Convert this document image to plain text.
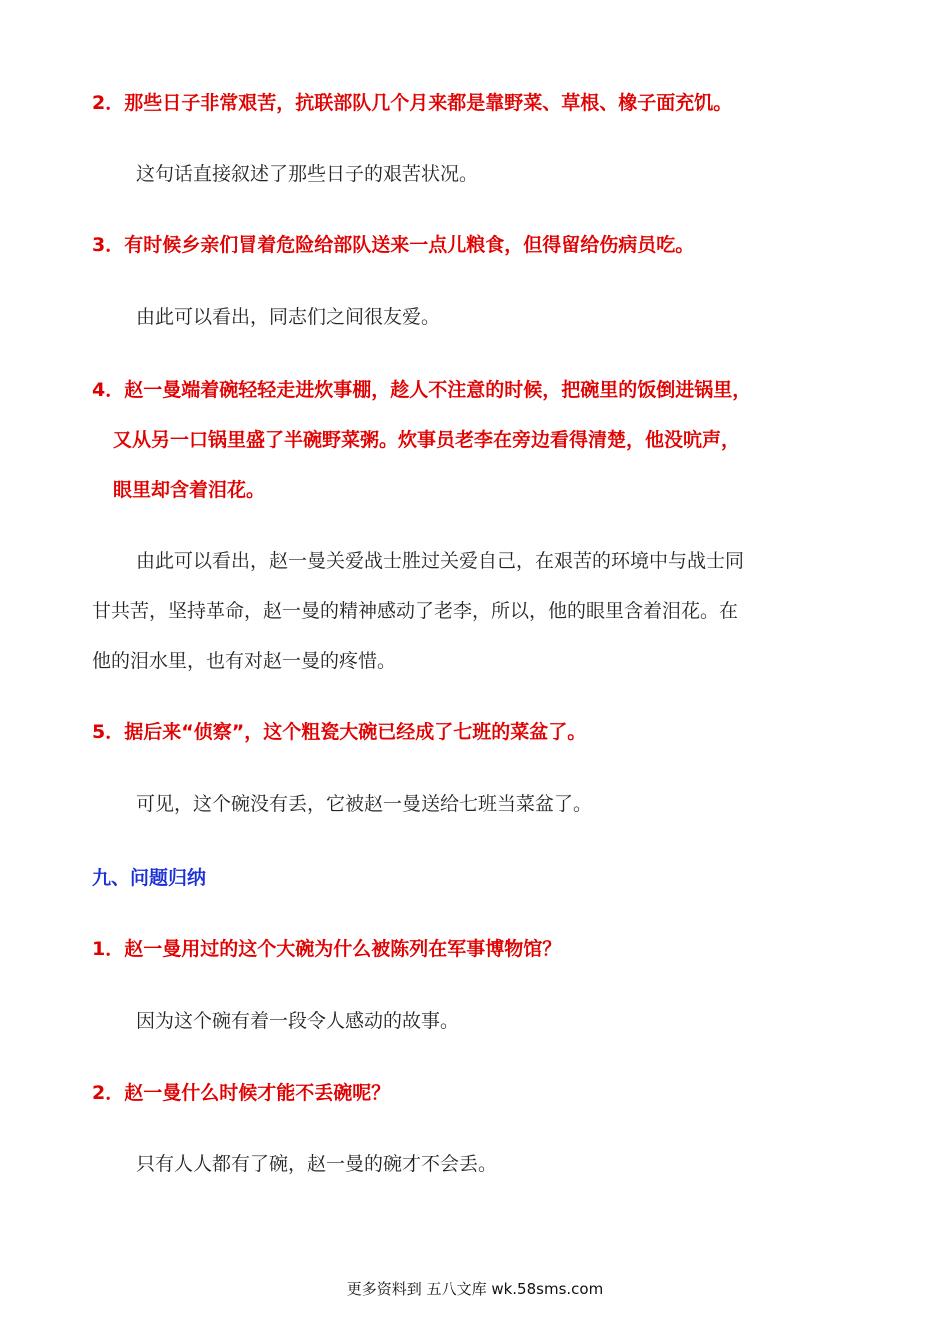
2．那些日子非常艰苦，抗联部队几个月来都是靠野菜、草根、橡子面充饥。
这句话直接叙述了那些日子的艰苦状况。
3．有时候乡亲们冒着危险给部队送来一点儿粮食，但得留给伤病员吃。
由此可以看出，同志们之间很友爱。
4．赵一曼端着碗轻轻走进炊事棚，趁人不注意的时候，把碗里的饭倒进锅里，
又从另一口锅里盛了半碗野菜粥。炊事员老李在旁边看得清楚，他没吭声，
眼里却含着泪花。
由此可以看出，赵一曼关爱战士胜过关爱自己，在艰苦的环境中与战士同
甘共苦，坚持革命，赵一曼的精神感动了老李，所以，他的眼里含着泪花。在
他的泪水里，也有对赵一曼的疼惜。
5．据后来“侦察”，这个粗瓷大碗已经成了七班的菜盆了。
可见，这个碗没有丢，它被赵一曼送给七班当菜盆了。
九、问题归纳
1．赵一曼用过的这个大碗为什么被陈列在军事博物馆？
因为这个碗有着一段令人感动的故事。
2．赵一曼什么时候才能不丢碗呢？
只有人人都有了碗，赵一曼的碗才不会丢。
更多资料到 五八文库 wk.58sms.com
